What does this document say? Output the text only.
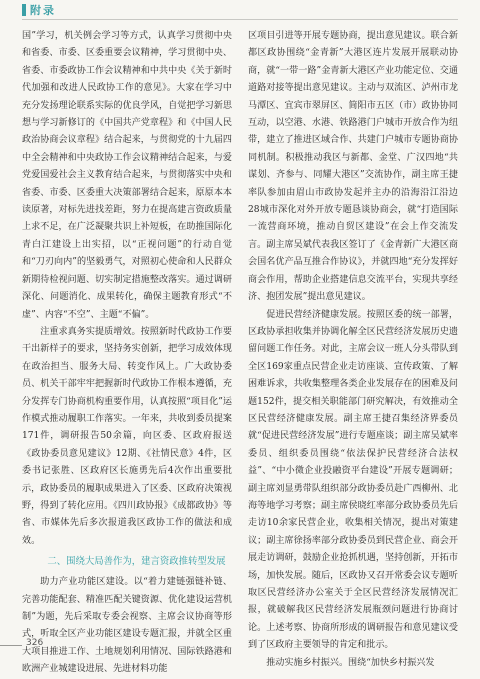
附录

国”学习，机关例会学习等方式，认真学习贯彻中央和省委、市委、区委重要会议精神，学习贯彻中央、省委、市委政协工作会议精神和中共中央《关于新时代加强和改进人民政协工作的意见》。大家在学习中充分发扬理论联系实际的优良学风，自觉把学习新思想与学习新修订的《中国共产党章程》和《中国人民政治协商会议章程》结合起来，与贯彻党的十九届四中全会精神和中央政协工作会议精神结合起来，与爱党爱国爱社会主义教育结合起来，与贯彻落实中央和省委、市委、区委重大决策部署结合起来，原原本本读原著，对标先进找差距，努力在提高建言资政质量上求不足，在广泛凝聚共识上补短板，在助推国际化青白江建设上出实招，以“正视问题”的行动自觉和“刀刃向内”的坚毅勇气，对照初心使命和人民群众新期待检视问题、切实制定措施整改落实。通过调研深化、问题消化、成果转化，确保主题教育形式“不虚”、内容“不空”、主题“不偏”。

注重求真务实提质增效。按照新时代政协工作要干出新样子的要求，坚持务实创新，把学习成效体现在政治担当、服务大局、转变作风上。广大政协委员、机关干部牢牢把握新时代政协工作根本遵循，充分发挥专门协商机构重要作用，认真按照“项目化”运作模式推动履职工作落实。一年来，共收到委员提案171件，调研报告50余篇，向区委、区政府报送《政协委员意见建议》12期、《社情民意》4件，区委书记张胜、区政府区长施勇先后4次作出重要批示，政协委员的履职成果进入了区委、区政府决策视野，得到了转化应用。《四川政协报》《成都政协》等省、市媒体先后多次报道我区政协工作的做法和成效。

二、围绕大局善作为，建言资政推转型发展

助力产业功能区建设。以“着力建链强链补链、完善功能配套、精准匹配关键资源、优化建设运营机制”为题，先后采取专委会视察、主席会议协商等形式，听取全区产业功能区建设专题汇报，并就全区重大项目推进工作、土地规划利用情况、国际铁路港和欧洲产业城建设进展、先进材料功能

区项目引进等开展专题协商，提出意见建议。联合新都区政协围绕“金青新”大港区连片发展开展联动协商，就“一带一路”金青新大港区产业功能定位、交通道路对接等提出意见建议。主动与双流区、泸州市龙马潭区、宜宾市翠屏区、简阳市五区（市）政协协同互动，以空港、水港、铁路港门户城市开放合作为纽带，建立了推进区域合作、共建门户城市专题协商协同机制。积极推动我区与新都、金堂、广汉四地“共谋划、齐参与、同耀大港区”交流协作，副主席王捷率队参加由眉山市政协发起并主办的沿海沿江沿边28城市深化对外开放专题恳谈协商会，就“打造国际一流营商环境，推动自贸区建设”在会上作交流发言。副主席吴斌代表我区签订了《金青新广大港区商会国名优产品互推合作协议》，并就四地“充分发挥好商会作用，帮助企业搭建信息交流平台，实现共享经济、抱团发展”提出意见建议。

促进民营经济健康发展。按照区委的统一部署，区政协承担收集并协调化解全区民营经济发展历史遗留问题工作任务。对此，主席会议一班人分头带队到全区169家重点民营企业走访座谈、宣传政策、了解困难诉求，共收集整理各类企业发展存在的困难及问题152件，提交相关职能部门研究解决，有效推动全区民营经济健康发展。副主席王捷召集经济界委员就“促进民营经济发展”进行专题座谈；副主席吴斌率委员、组织委员围绕“依法保护民营经济合法权益”、“中小微企业投融资平台建设”开展专题调研；副主席刘显勇带队组织部分政协委员赴广西柳州、北海等地学习考察；副主席侯晓红率部分政协委员先后走访10余家民营企业，收集相关情况，提出对策建议；副主席徐扬率部分政协委员到民营企业、商会开展走访调研，鼓励企业抢抓机遇，坚持创新，开拓市场，加快发展。随后，区政协又召开常委会议专题听取区民营经济办公室关于全区民营经济发展情况汇报，就破解我区民营经济发展瓶颈问题进行协商讨论。上述考察、协商所形成的调研报告和意见建议受到了区政府主要领导的肯定和批示。

推动实施乡村振兴。围绕“加快乡村振兴发

326
